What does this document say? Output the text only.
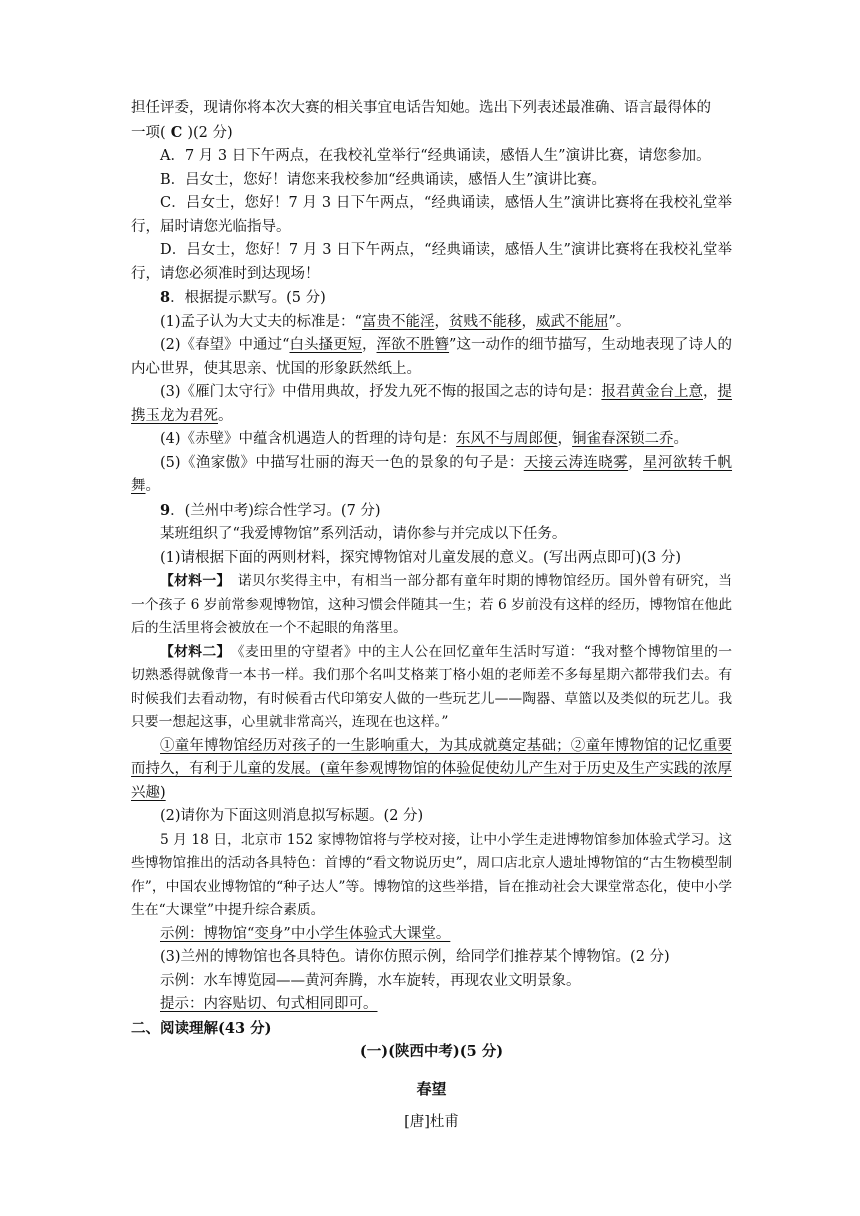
担任评委，现请你将本次大赛的相关事宜电话告知她。选出下列表述最准确、语言最得体的

一项( C )(2 分)

A．7 月 3 日下午两点，在我校礼堂举行“经典诵读，感悟人生”演讲比赛，请您参加。

B．吕女士，您好！请您来我校参加“经典诵读，感悟人生”演讲比赛。

C．吕女士，您好！7 月 3 日下午两点，“经典诵读，感悟人生”演讲比赛将在我校礼堂举行，届时请您光临指导。

D．吕女士，您好！7 月 3 日下午两点，“经典诵读，感悟人生”演讲比赛将在我校礼堂举行，请您必须准时到达现场！

8．根据提示默写。(5 分)

(1)孟子认为大丈夫的标准是：“富贵不能淫，贫贱不能移，威武不能屈”。

(2)《春望》中通过“白头搔更短，浑欲不胜簪”这一动作的细节描写，生动地表现了诗人的内心世界，使其思亲、忧国的形象跃然纸上。

(3)《雁门太守行》中借用典故，抒发九死不悔的报国之志的诗句是：报君黄金台上意，提携玉龙为君死。

(4)《赤壁》中蕴含机遇造人的哲理的诗句是：东风不与周郎便，铜雀春深锁二乔。

(5)《渔家傲》中描写壮丽的海天一色的景象的句子是：天接云涛连晓雾，星河欲转千帆舞。

9．(兰州中考)综合性学习。(7 分)

某班组织了“我爱博物馆”系列活动，请你参与并完成以下任务。

(1)请根据下面的两则材料，探究博物馆对儿童发展的意义。(写出两点即可)(3 分)

【材料一】　诺贝尔奖得主中，有相当一部分都有童年时期的博物馆经历。国外曾有研究，当一个孩子 6 岁前常参观博物馆，这种习惯会伴随其一生；若 6 岁前没有这样的经历，博物馆在他此后的生活里将会被放在一个不起眼的角落里。

【材料二】　《麦田里的守望者》中的主人公在回忆童年生活时写道：“我对整个博物馆里的一切熟悉得就像背一本书一样。我们那个名叫艾格莱丁格小姐的老师差不多每星期六都带我们去。有时候我们去看动物，有时候看古代印第安人做的一些玩艺儿——陶器、草篮以及类似的玩艺儿。我只要一想起这事，心里就非常高兴，连现在也这样。”

①童年博物馆经历对孩子的一生影响重大，为其成就奠定基础；②童年博物馆的记忆重要而持久，有利于儿童的发展。(童年参观博物馆的体验促使幼儿产生对于历史及生产实践的浓厚兴趣)

(2)请你为下面这则消息拟写标题。(2 分)

5 月 18 日，北京市 152 家博物馆将与学校对接，让中小学生走进博物馆参加体验式学习。这些博物馆推出的活动各具特色：首博的“看文物说历史”，周口店北京人遗址博物馆的“古生物模型制作”，中国农业博物馆的“种子达人”等。博物馆的这些举措，旨在推动社会大课堂常态化，使中小学生在“大课堂”中提升综合素质。

示例：博物馆“变身”中小学生体验式大课堂。

(3)兰州的博物馆也各具特色。请你仿照示例，给同学们推荐某个博物馆。(2 分)

示例：水车博览园——黄河奔腾，水车旋转，再现农业文明景象。

提示：内容贴切、句式相同即可。

二、阅读理解(43 分)

(一)(陕西中考)(5 分)

春望

[唐]杜甫
